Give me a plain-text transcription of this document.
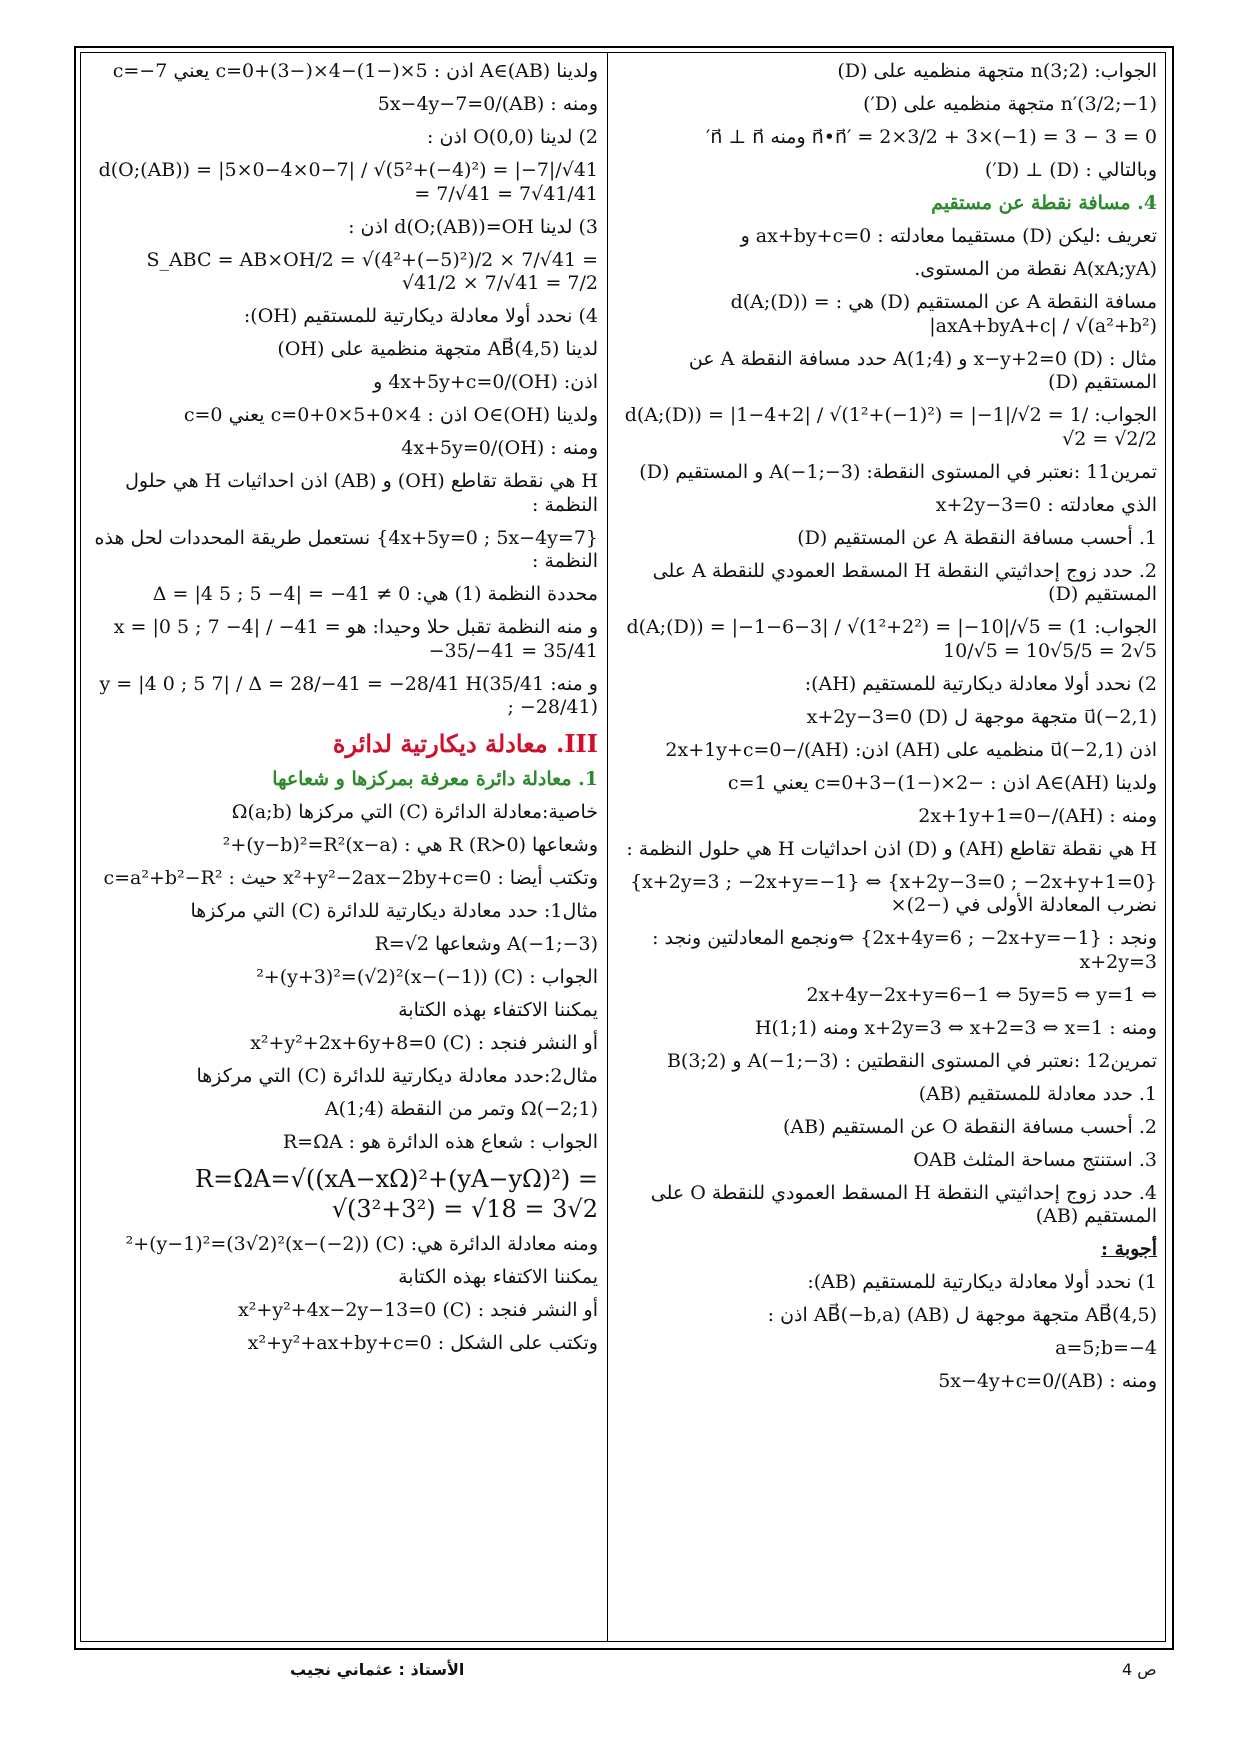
الجواب: (2;3)n متجهة منظميه على (D)
n′(3/2;−1) متجهة منظميه على (D′)
n⃗•n⃗′ = 2×3/2 + 3×(−1) = 3 − 3 = 0 ومنه n⃗ ⊥ n⃗′
وبالتالي : (D) ⊥ (D′)
4. مسافة نقطة عن مستقيم
تعريف :ليكن (D) مستقيما معادلته : ax+by+c=0 و
A(xA;yA) نقطة من المستوى.
مسافة النقطة A عن المستقيم (D) هي : d(A;(D)) = |axA+byA+c| / √(a²+b²)
مثال : (D) x−y+2=0 و A(1;4) حدد مسافة النقطة A عن المستقيم (D)
الجواب: d(A;(D)) = |1−4+2| / √(1²+(−1)²) = |−1|/√2 = 1/√2 = √2/2
تمرين11 :نعتبر في المستوى النقطة: A(−1;−3) و المستقيم (D)
الذي معادلته : x+2y−3=0
1. أحسب مسافة النقطة A عن المستقيم (D)
2. حدد زوج إحداثيتي النقطة H المسقط العمودي للنقطة A على المستقيم (D)
الجواب: 1) d(A;(D)) = |−1−6−3| / √(1²+2²) = |−10|/√5 = 10/√5 = 10√5/5 = 2√5
2) نحدد أولا معادلة ديكارتية للمستقيم (AH):
u⃗(−2,1) متجهة موجهة ل (D) x+2y−3=0
اذن u⃗(−2,1) منظميه على (AH) اذن: (AH)/−2x+1y+c=0
ولدينا A∈(AH) اذن : −2×(−1)−3+c=0 يعني c=1
ومنه : (AH)/−2x+1y+1=0
H هي نقطة تقاطع (AH) و (D) اذن احداثيات H هي حلول النظمة :
{x+2y−3=0 ; −2x+y+1=0} ⇔ {x+2y=3 ; −2x+y=−1} نضرب المعادلة الأولى في (−2)×
ونجد : {2x+4y=6 ; −2x+y=−1} ⇔ونجمع المعادلتين ونجد : x+2y=3
⇔ 2x+4y−2x+y=6−1 ⇔ 5y=5 ⇔ y=1
ومنه : x+2y=3 ⇔ x+2=3 ⇔ x=1 ومنه H(1;1)
تمرين12 :نعتبر في المستوى النقطتين : A(−1;−3) و B(3;2)
1. حدد معادلة للمستقيم (AB)
2. أحسب مسافة النقطة O عن المستقيم (AB)
3. استنتج مساحة المثلث OAB
4. حدد زوج إحداثيتي النقطة H المسقط العمودي للنقطة O على المستقيم (AB)
أجوبة :
1) نحدد أولا معادلة ديكارتية للمستقيم (AB):
AB⃗(4,5) متجهة موجهة ل (AB) AB⃗(−b,a) اذن :
a=5;b=−4
ومنه : (AB)/5x−4y+c=0
ولدينا A∈(AB) اذن : 5×(−1)−4×(−3)+c=0 يعني c=−7
ومنه : (AB)/5x−4y−7=0
2) لدينا O(0,0) اذن :
d(O;(AB)) = |5×0−4×0−7| / √(5²+(−4)²) = |−7|/√41 = 7/√41 = 7√41/41
3) لدينا d(O;(AB))=OH اذن :
S_ABC = AB×OH/2 = √(4²+(−5)²)/2 × 7/√41 = √41/2 × 7/√41 = 7/2
4) نحدد أولا معادلة ديكارتية للمستقيم (OH):
لدينا AB⃗(4,5) متجهة منظمية على (OH)
اذن: (OH)/4x+5y+c=0 و
ولدينا O∈(OH) اذن : 4×0+5×0+c=0 يعني c=0
ومنه : (OH)/4x+5y=0
H هي نقطة تقاطع (OH) و (AB) اذن احداثيات H هي حلول النظمة :
{4x+5y=0 ; 5x−4y=7} نستعمل طريقة المحددات لحل هذه النظمة :
محددة النظمة (1) هي: Δ = |4 5 ; 5 −4| = −41 ≠ 0
و منه النظمة تقبل حلا وحيدا: هو x = |0 5 ; 7 −4| / −41 = −35/−41 = 35/41
و منه: y = |4 0 ; 5 7| / Δ = 28/−41 = −28/41 H(35/41 ; −28/41)
III. معادلة ديكارتية لدائرة
1. معادلة دائرة معرفة بمركزها و شعاعها
خاصية:معادلة الدائرة (C) التي مركزها Ω(a;b)
وشعاعها R (R≻0) هي : (x−a)²+(y−b)²=R²
وتكتب أيضا : x²+y²−2ax−2by+c=0 حيث : c=a²+b²−R²
مثال1: حدد معادلة ديكارتية للدائرة (C) التي مركزها
A(−1;−3) وشعاعها R=√2
الجواب : (C) (x−(−1))²+(y+3)²=(√2)²
يمكننا الاكتفاء بهذه الكتابة
أو النشر فنجد : (C) x²+y²+2x+6y+8=0
مثال2:حدد معادلة ديكارتية للدائرة (C) التي مركزها
Ω(−2;1) وتمر من النقطة A(1;4)
الجواب : شعاع هذه الدائرة هو : R=ΩA
R=ΩA=√((xA−xΩ)²+(yA−yΩ)²) = √(3²+3²) = √18 = 3√2
ومنه معادلة الدائرة هي: (C) (x−(−2))²+(y−1)²=(3√2)²
يمكننا الاكتفاء بهذه الكتابة
أو النشر فنجد : (C) x²+y²+4x−2y−13=0
وتكتب على الشكل : x²+y²+ax+by+c=0
الأستاذ : عثماني نجيب	ص 4
